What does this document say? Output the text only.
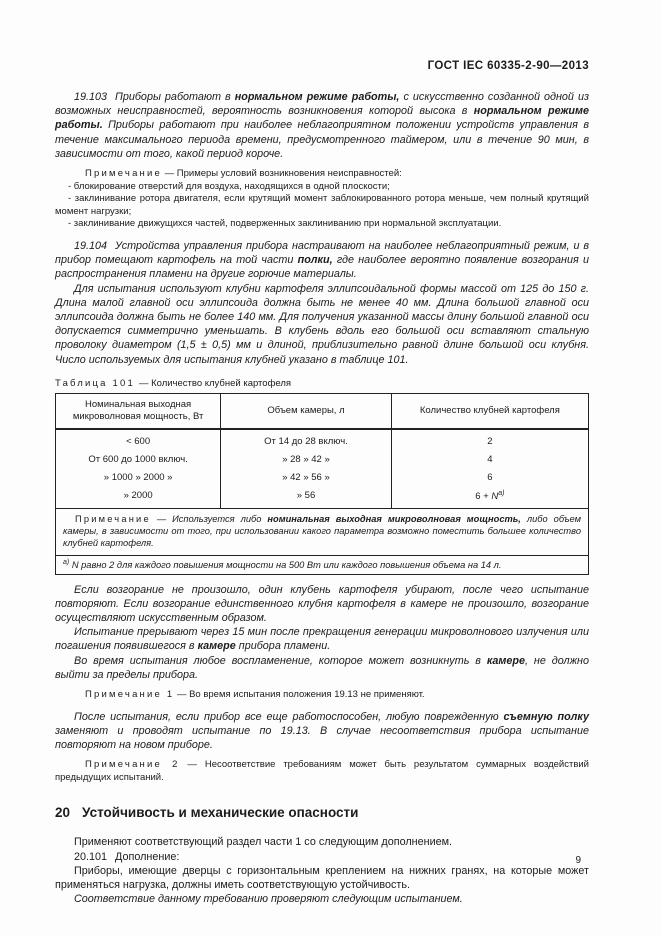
ГОСТ IEC 60335-2-90—2013

19.103 Приборы работают в нормальном режиме работы, с искусственно созданной одной из возможных неисправностей, вероятность возникновения которой высока в нормальном режиме работы. Приборы работают при наиболее неблагоприятном положении устройств управления в течение максимального периода времени, предусмотренного таймером, или в течение 90 мин, в зависимости от того, какой период короче.

Примечание — Примеры условий возникновения неисправностей:

- блокирование отверстий для воздуха, находящихся в одной плоскости;

- заклинивание ротора двигателя, если крутящий момент заблокированного ротора меньше, чем полный крутящий момент нагрузки;

- заклинивание движущихся частей, подверженных заклиниванию при нормальной эксплуатации.

19.104 Устройства управления прибора настраивают на наиболее неблагоприятный режим, и в прибор помещают картофель на той части полки, где наиболее вероятно появление возгорания и распространения пламени на другие горючие материалы.

Для испытания используют клубни картофеля эллипсоидальной формы массой от 125 до 150 г. Длина малой главной оси эллипсоида должна быть не менее 40 мм. Длина большой главной оси эллипсоида должна быть не более 140 мм. Для получения указанной массы длину большой главной оси допускается симметрично уменьшать. В клубень вдоль его большой оси вставляют стальную проволоку диаметром (1,5 ± 0,5) мм и длиной, приблизительно равной длине большой оси клубня. Число используемых для испытания клубней указано в таблице 101.

Таблица 101 — Количество клубней картофеля

Номинальная выходная микроволновая мощность, Вт	Объем камеры, л	Количество клубней картофеля
< 600	От 14 до 28 включ.	2
От 600 до 1000 включ.	» 28 » 42 »	4
» 1000 » 2000 »	» 42 » 56 »	6
» 2000	» 56	$6 + N^{а)}$
Примечание — Используется либо номинальная выходная микроволновая мощность, либо объем камеры, в зависимости от того, при использовании какого параметра возможно поместить большее количество клубней картофеля.		
$^{а)}$ N равно 2 для каждого повышения мощности на 500 Вт или каждого повышения объема на 14 л.		

Если возгорание не произошло, один клубень картофеля убирают, после чего испытание повторяют. Если возгорание единственного клубня картофеля в камере не произошло, возгорание осуществляют искусственным образом.

Испытание прерывают через 15 мин после прекращения генерации микроволнового излучения или погашения появившегося в камере прибора пламени.

Во время испытания любое воспламенение, которое может возникнуть в камере, не должно выйти за пределы прибора.

Примечание 1 — Во время испытания положения 19.13 не применяют.

После испытания, если прибор все еще работоспособен, любую поврежденную съемную полку заменяют и проводят испытание по 19.13. В случае несоответствия прибора испытание повторяют на новом приборе.

Примечание 2 — Несоответствие требованиям может быть результатом суммарных воздействий предыдущих испытаний.

20 Устойчивость и механические опасности

Применяют соответствующий раздел части 1 со следующим дополнением.

20.101 Дополнение:

Приборы, имеющие дверцы с горизонтальным креплением на нижних гранях, на которые может применяться нагрузка, должны иметь соответствующую устойчивость.

Соответствие данному требованию проверяют следующим испытанием.

9
